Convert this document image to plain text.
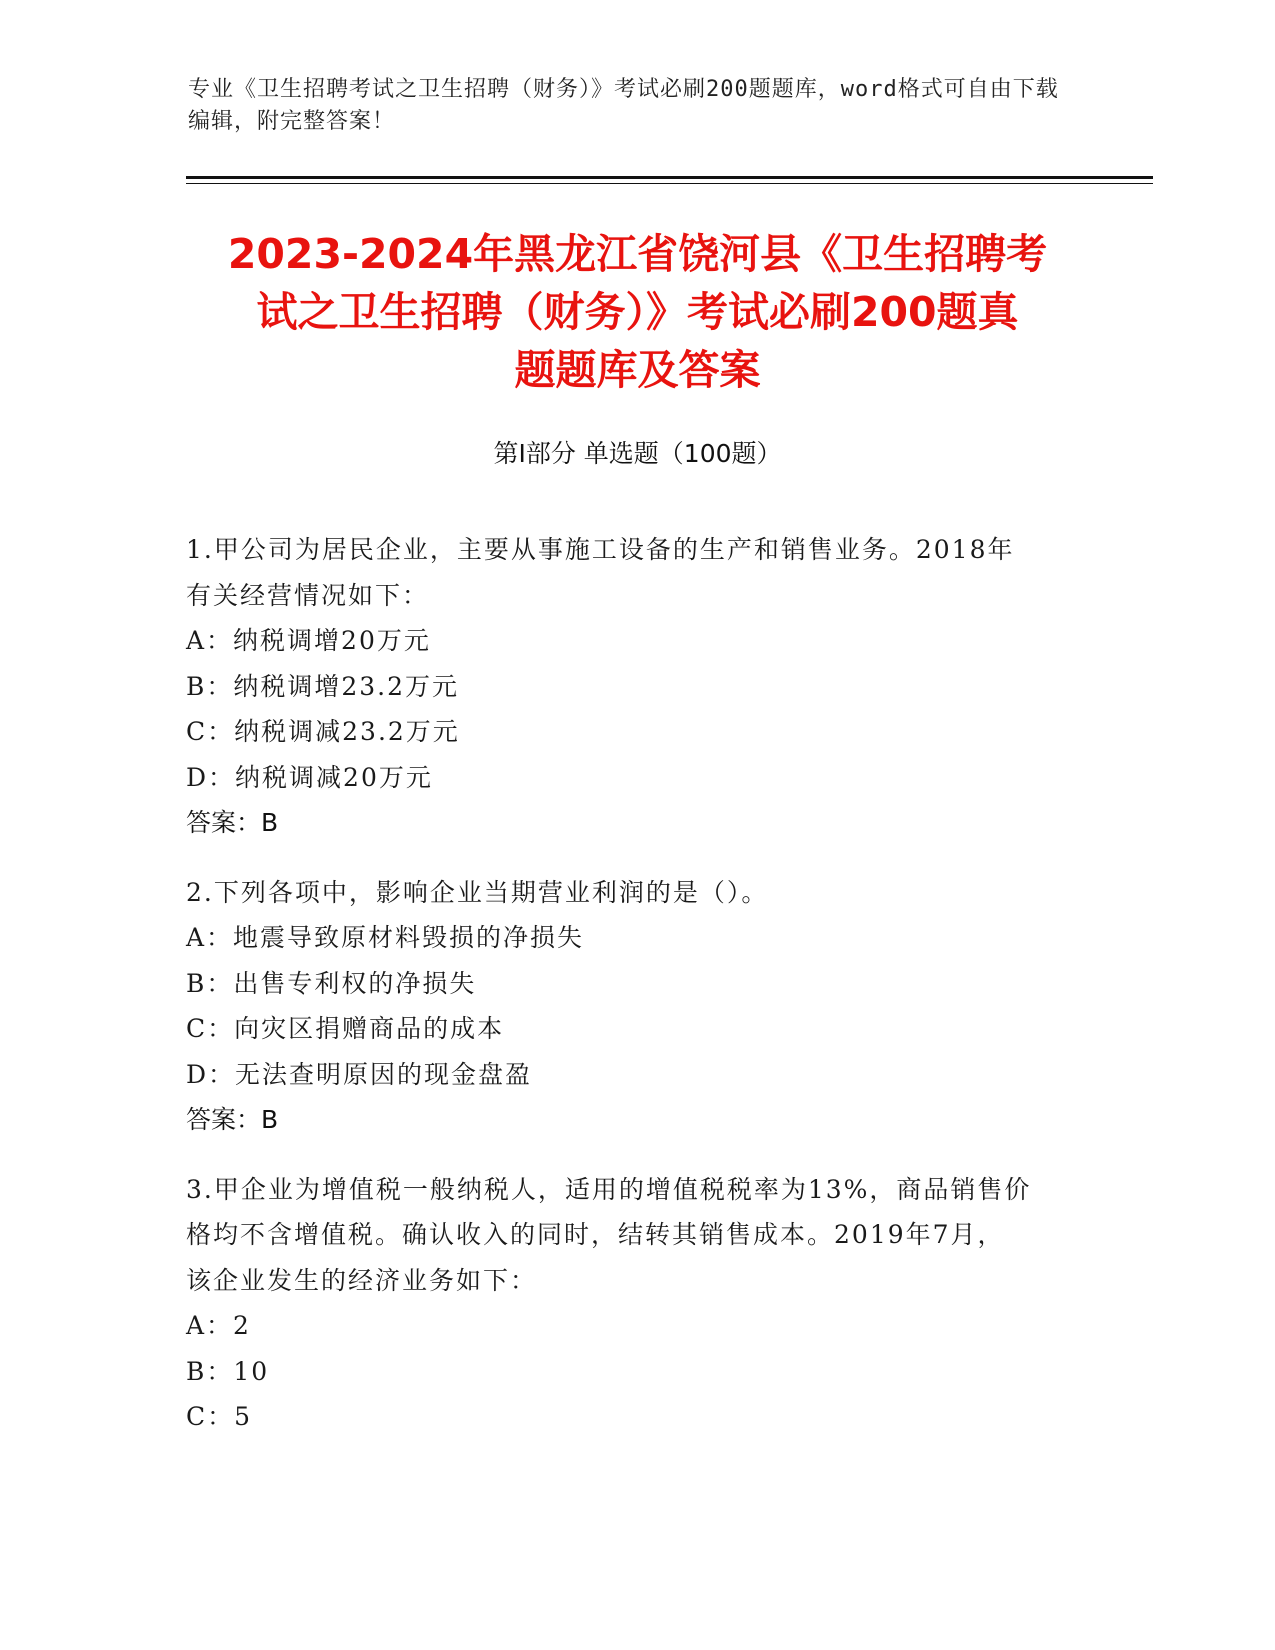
专业《卫生招聘考试之卫生招聘（财务）》考试必刷200题题库，word格式可自由下载编辑，附完整答案！
2023-2024年黑龙江省饶河县《卫生招聘考
试之卫生招聘（财务）》考试必刷200题真
题题库及答案
第Ⅰ部分 单选题（100题）
1.甲公司为居民企业，主要从事施工设备的生产和销售业务。2018年
有关经营情况如下：
A：纳税调增20万元
B：纳税调增23.2万元
C：纳税调减23.2万元
D：纳税调减20万元
答案：B
2.下列各项中，影响企业当期营业利润的是（）。
A：地震导致原材料毁损的净损失
B：出售专利权的净损失
C：向灾区捐赠商品的成本
D：无法查明原因的现金盘盈
答案：B
3.甲企业为增值税一般纳税人，适用的增值税税率为13%，商品销售价
格均不含增值税。确认收入的同时，结转其销售成本。2019年7月，
该企业发生的经济业务如下：
A：2
B：10
C：5
